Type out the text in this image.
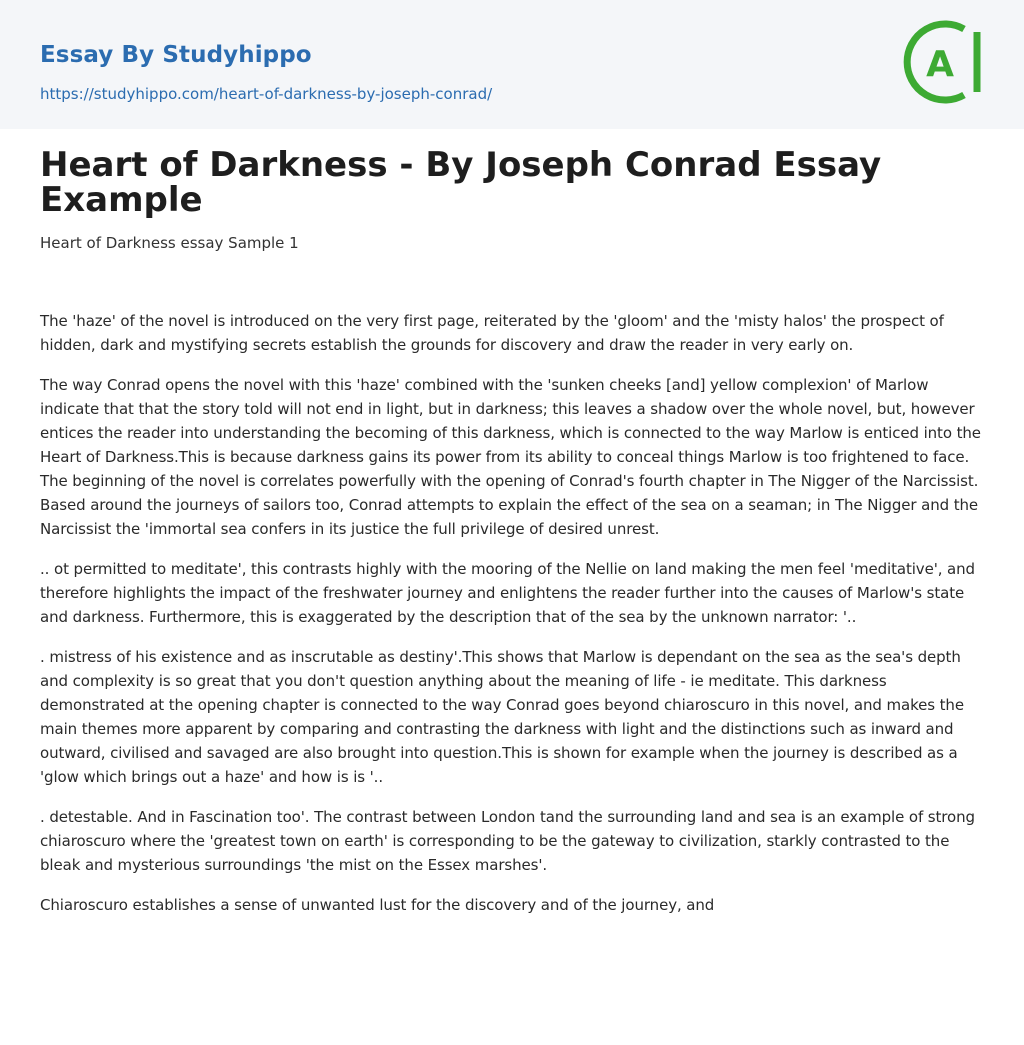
Essay By Studyhippo
https://studyhippo.com/heart-of-darkness-by-joseph-conrad/
A
Heart of Darkness - By Joseph Conrad Essay Example
Heart of Darkness essay Sample 1

The 'haze' of the novel is introduced on the very first page, reiterated by the 'gloom' and the 'misty halos' the prospect of hidden, dark and mystifying secrets establish the grounds for discovery and draw the reader in very early on.

The way Conrad opens the novel with this 'haze' combined with the 'sunken cheeks [and] yellow complexion' of Marlow indicate that that the story told will not end in light, but in darkness; this leaves a shadow over the whole novel, but, however entices the reader into understanding the becoming of this darkness, which is connected to the way Marlow is enticed into the Heart of Darkness.This is because darkness gains its power from its ability to conceal things Marlow is too frightened to face. The beginning of the novel is correlates powerfully with the opening of Conrad's fourth chapter in The Nigger of the Narcissist. Based around the journeys of sailors too, Conrad attempts to explain the effect of the sea on a seaman; in The Nigger and the Narcissist the 'immortal sea confers in its justice the full privilege of desired unrest.

.. ot permitted to meditate', this contrasts highly with the mooring of the Nellie on land making the men feel 'meditative', and therefore highlights the impact of the freshwater journey and enlightens the reader further into the causes of Marlow's state and darkness. Furthermore, this is exaggerated by the description that of the sea by the unknown narrator: '..

. mistress of his existence and as inscrutable as destiny'.This shows that Marlow is dependant on the sea as the sea's depth and complexity is so great that you don't question anything about the meaning of life - ie meditate. This darkness demonstrated at the opening chapter is connected to the way Conrad goes beyond chiaroscuro in this novel, and makes the main themes more apparent by comparing and contrasting the darkness with light and the distinctions such as inward and outward, civilised and savaged are also brought into question.This is shown for example when the journey is described as a 'glow which brings out a haze' and how is is '..

. detestable. And in Fascination too'. The contrast between London tand the surrounding land and sea is an example of strong chiaroscuro where the 'greatest town on earth' is corresponding to be the gateway to civilization, starkly contrasted to the bleak and mysterious surroundings 'the mist on the Essex marshes'.

Chiaroscuro establishes a sense of unwanted lust for the discovery and of the journey, and
